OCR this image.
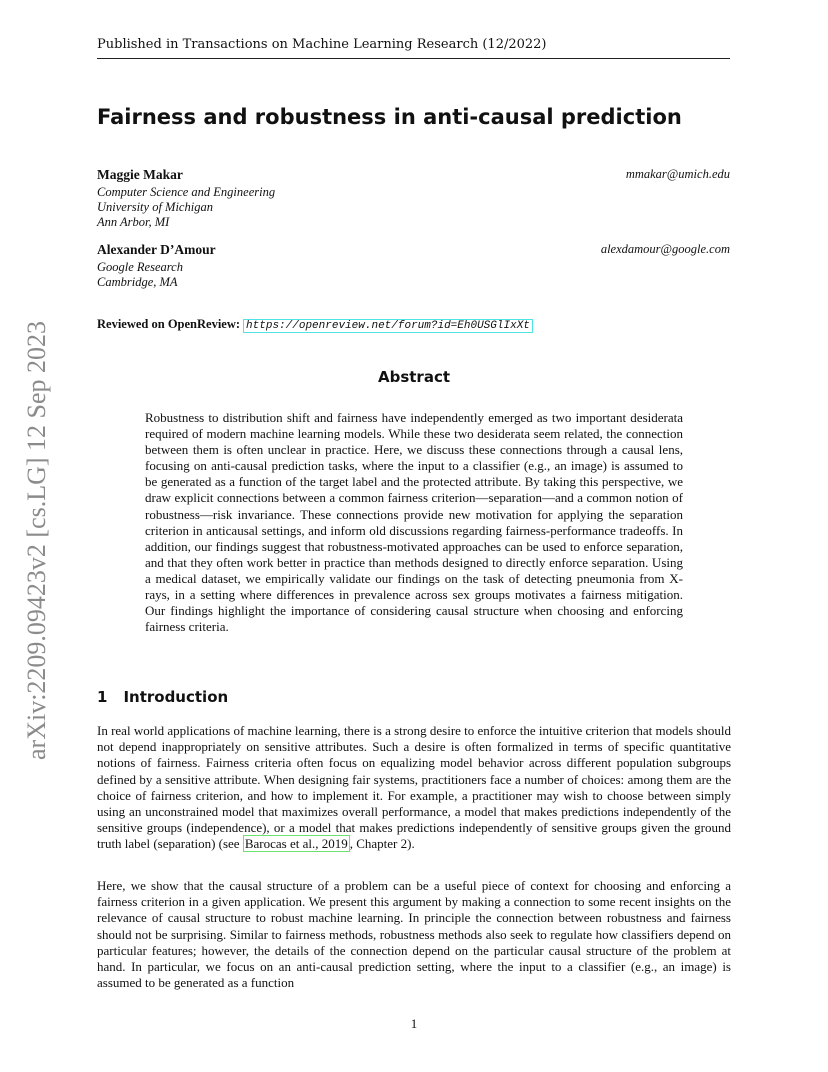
Published in Transactions on Machine Learning Research (12/2022)
arXiv:2209.09423v2 [cs.LG] 12 Sep 2023
Fairness and robustness in anti-causal prediction
Maggie Makar	mmakar@umich.edu
Computer Science and Engineering
University of Michigan
Ann Arbor, MI
Alexander D’Amour	alexdamour@google.com
Google Research
Cambridge, MA
Reviewed on OpenReview: https://openreview.net/forum?id=Eh0USGlIxXt
Abstract
Robustness to distribution shift and fairness have independently emerged as two important desiderata required of modern machine learning models. While these two desiderata seem related, the connection between them is often unclear in practice. Here, we discuss these connections through a causal lens, focusing on anti-causal prediction tasks, where the input to a classifier (e.g., an image) is assumed to be generated as a function of the target label and the protected attribute. By taking this perspective, we draw explicit connections between a common fairness criterion—separation—and a common notion of robustness—risk invariance. These connections provide new motivation for applying the separation criterion in anticausal settings, and inform old discussions regarding fairness-performance tradeoffs. In addition, our findings suggest that robustness-motivated approaches can be used to enforce separation, and that they often work better in practice than methods designed to directly enforce separation. Using a medical dataset, we empirically validate our findings on the task of detecting pneumonia from X-rays, in a setting where differences in prevalence across sex groups motivates a fairness mitigation. Our findings highlight the importance of considering causal structure when choosing and enforcing fairness criteria.
1 Introduction
In real world applications of machine learning, there is a strong desire to enforce the intuitive criterion that models should not depend inappropriately on sensitive attributes. Such a desire is often formalized in terms of specific quantitative notions of fairness. Fairness criteria often focus on equalizing model behavior across different population subgroups defined by a sensitive attribute. When designing fair systems, practitioners face a number of choices: among them are the choice of fairness criterion, and how to implement it. For example, a practitioner may wish to choose between simply using an unconstrained model that maximizes overall performance, a model that makes predictions independently of the sensitive groups (independence), or a model that makes predictions independently of sensitive groups given the ground truth label (separation) (see Barocas et al., 2019 , Chapter 2).
Here, we show that the causal structure of a problem can be a useful piece of context for choosing and enforcing a fairness criterion in a given application. We present this argument by making a connection to some recent insights on the relevance of causal structure to robust machine learning. In principle the connection between robustness and fairness should not be surprising. Similar to fairness methods, robustness methods also seek to regulate how classifiers depend on particular features; however, the details of the connection depend on the particular causal structure of the problem at hand. In particular, we focus on an anti-causal prediction setting, where the input to a classifier (e.g., an image) is assumed to be generated as a function
1
